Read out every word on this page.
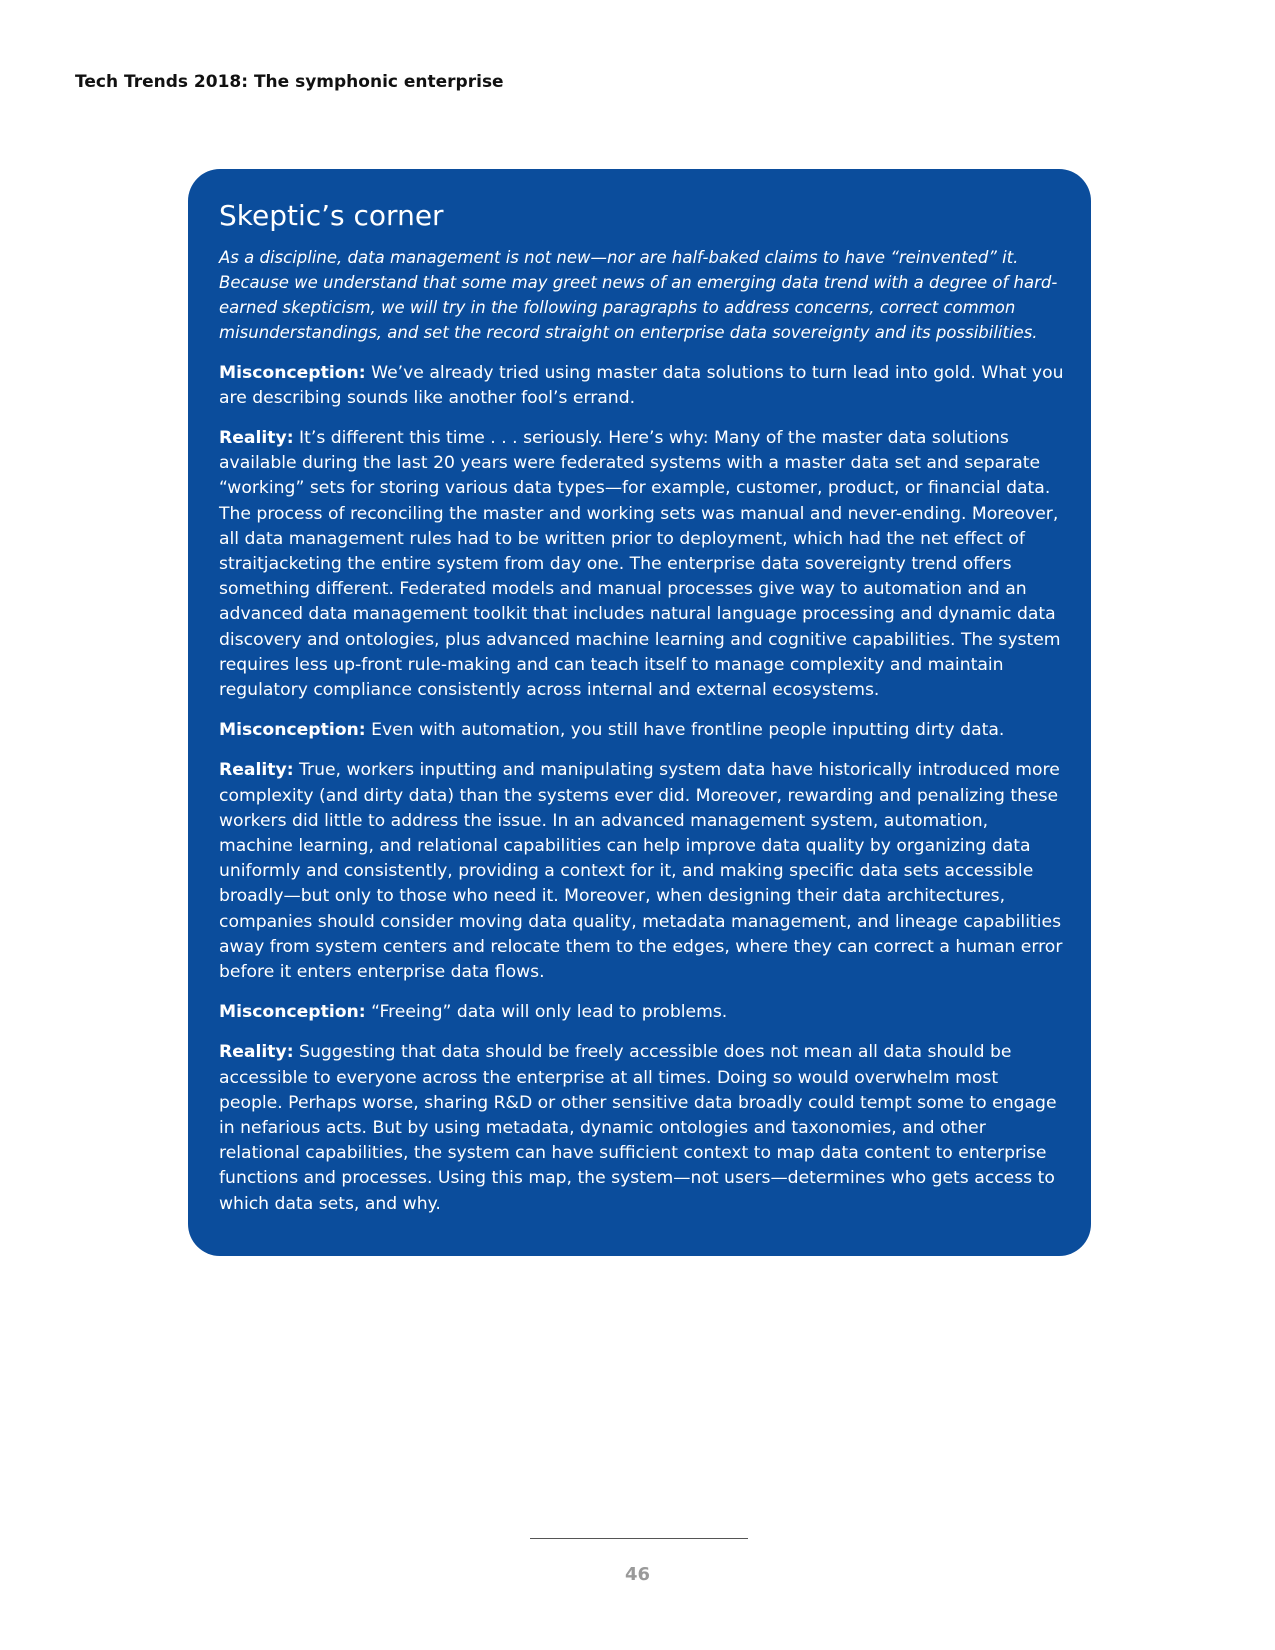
Tech Trends 2018: The symphonic enterprise
Skeptic’s corner

As a discipline, data management is not new—nor are half-baked claims to have “reinvented” it. Because we understand that some may greet news of an emerging data trend with a degree of hard-earned skepticism, we will try in the following paragraphs to address concerns, correct common misunderstandings, and set the record straight on enterprise data sovereignty and its possibilities.

Misconception: We’ve already tried using master data solutions to turn lead into gold. What you are describing sounds like another fool’s errand.

Reality: It’s different this time . . . seriously. Here’s why: Many of the master data solutions available during the last 20 years were federated systems with a master data set and separate “working” sets for storing various data types—for example, customer, product, or financial data. The process of reconciling the master and working sets was manual and never-ending. Moreover, all data management rules had to be written prior to deployment, which had the net effect of straitjacketing the entire system from day one. The enterprise data sovereignty trend offers something different. Federated models and manual processes give way to automation and an advanced data management toolkit that includes natural language processing and dynamic data discovery and ontologies, plus advanced machine learning and cognitive capabilities. The system requires less up-front rule-making and can teach itself to manage complexity and maintain regulatory compliance consistently across internal and external ecosystems.

Misconception: Even with automation, you still have frontline people inputting dirty data.

Reality: True, workers inputting and manipulating system data have historically introduced more complexity (and dirty data) than the systems ever did. Moreover, rewarding and penalizing these workers did little to address the issue. In an advanced management system, automation, machine learning, and relational capabilities can help improve data quality by organizing data uniformly and consistently, providing a context for it, and making specific data sets accessible broadly—but only to those who need it. Moreover, when designing their data architectures, companies should consider moving data quality, metadata management, and lineage capabilities away from system centers and relocate them to the edges, where they can correct a human error before it enters enterprise data flows.

Misconception: “Freeing” data will only lead to problems.

Reality: Suggesting that data should be freely accessible does not mean all data should be accessible to everyone across the enterprise at all times. Doing so would overwhelm most people. Perhaps worse, sharing R&D or other sensitive data broadly could tempt some to engage in nefarious acts. But by using metadata, dynamic ontologies and taxonomies, and other relational capabilities, the system can have sufficient context to map data content to enterprise functions and processes. Using this map, the system—not users—determines who gets access to which data sets, and why.

46
